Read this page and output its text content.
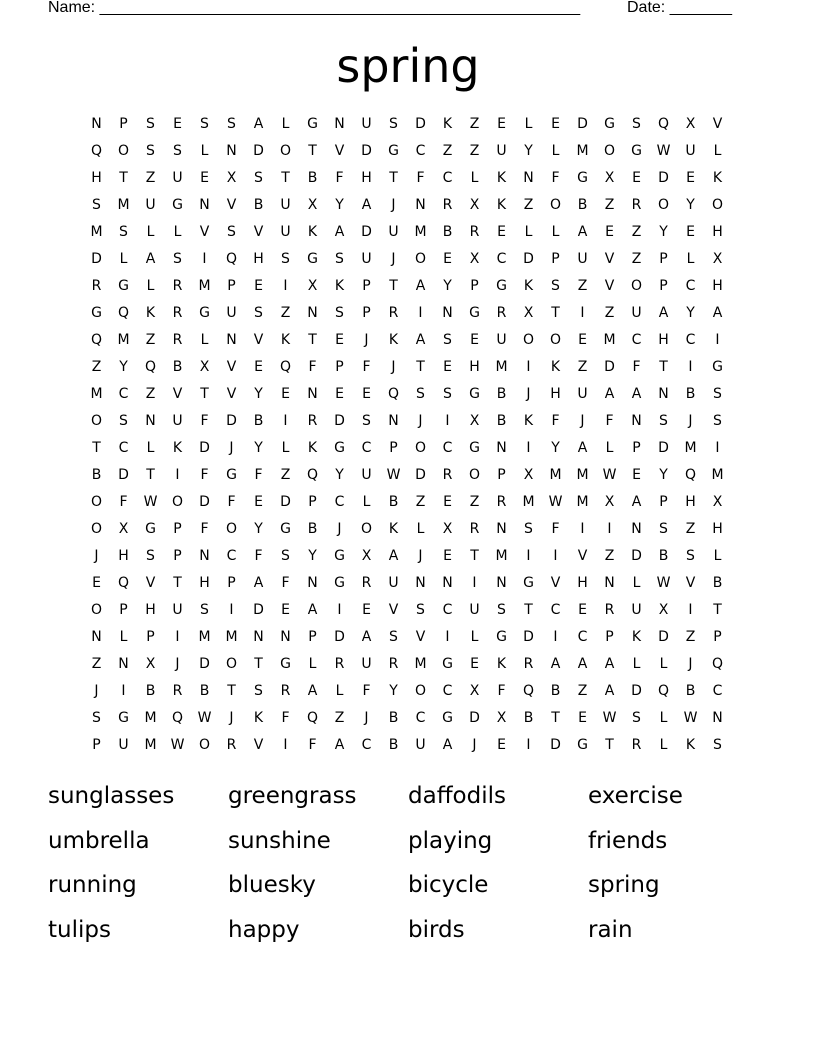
Name: ______________________________________________________	Date: _______
spring
N	P	S	E	S	S	A	L	G	N	U	S	D	K	Z	E	L	E	D	G	S	Q	X	V
Q	O	S	S	L	N	D	O	T	V	D	G	C	Z	Z	U	Y	L	M	O	G	W	U	L
H	T	Z	U	E	X	S	T	B	F	H	T	F	C	L	K	N	F	G	X	E	D	E	K
S	M	U	G	N	V	B	U	X	Y	A	J	N	R	X	K	Z	O	B	Z	R	O	Y	O
M	S	L	L	V	S	V	U	K	A	D	U	M	B	R	E	L	L	A	E	Z	Y	E	H
D	L	A	S	I	Q	H	S	G	S	U	J	O	E	X	C	D	P	U	V	Z	P	L	X
R	G	L	R	M	P	E	I	X	K	P	T	A	Y	P	G	K	S	Z	V	O	P	C	H
G	Q	K	R	G	U	S	Z	N	S	P	R	I	N	G	R	X	T	I	Z	U	A	Y	A
Q	M	Z	R	L	N	V	K	T	E	J	K	A	S	E	U	O	O	E	M	C	H	C	I
Z	Y	Q	B	X	V	E	Q	F	P	F	J	T	E	H	M	I	K	Z	D	F	T	I	G
M	C	Z	V	T	V	Y	E	N	E	E	Q	S	S	G	B	J	H	U	A	A	N	B	S
O	S	N	U	F	D	B	I	R	D	S	N	J	I	X	B	K	F	J	F	N	S	J	S
T	C	L	K	D	J	Y	L	K	G	C	P	O	C	G	N	I	Y	A	L	P	D	M	I
B	D	T	I	F	G	F	Z	Q	Y	U	W	D	R	O	P	X	M	M	W	E	Y	Q	M
O	F	W	O	D	F	E	D	P	C	L	B	Z	E	Z	R	M	W	M	X	A	P	H	X
O	X	G	P	F	O	Y	G	B	J	O	K	L	X	R	N	S	F	I	I	N	S	Z	H
J	H	S	P	N	C	F	S	Y	G	X	A	J	E	T	M	I	I	V	Z	D	B	S	L
E	Q	V	T	H	P	A	F	N	G	R	U	N	N	I	N	G	V	H	N	L	W	V	B
O	P	H	U	S	I	D	E	A	I	E	V	S	C	U	S	T	C	E	R	U	X	I	T
N	L	P	I	M	M	N	N	P	D	A	S	V	I	L	G	D	I	C	P	K	D	Z	P
Z	N	X	J	D	O	T	G	L	R	U	R	M	G	E	K	R	A	A	A	L	L	J	Q
J	I	B	R	B	T	S	R	A	L	F	Y	O	C	X	F	Q	B	Z	A	D	Q	B	C
S	G	M	Q	W	J	K	F	Q	Z	J	B	C	G	D	X	B	T	E	W	S	L	W	N
P	U	M	W	O	R	V	I	F	A	C	B	U	A	J	E	I	D	G	T	R	L	K	S
sunglasses	greengrass	daffodils	exercise
umbrella	sunshine	playing	friends
running	bluesky	bicycle	spring
tulips	happy	birds	rain
